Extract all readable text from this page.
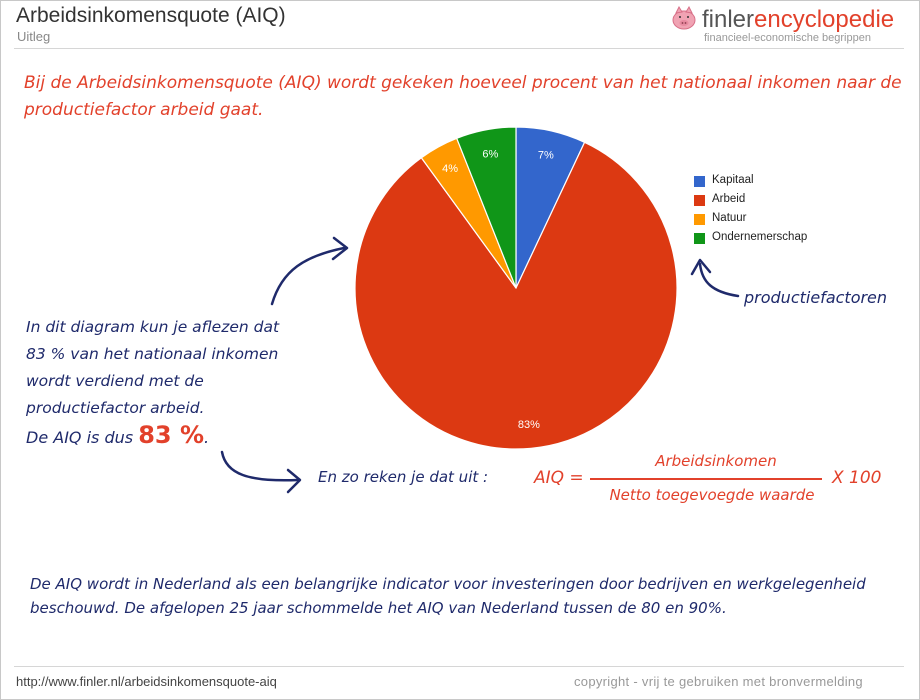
Arbeidsinkomensquote (AIQ)
Uitleg
finlerencyclopedie
financieel-economische begrippen
Bij de Arbeidsinkomensquote (AIQ) wordt gekeken hoeveel procent van het nationaal inkomen naar de productiefactor arbeid gaat.
7%
83%
4%
6%
Kapitaal
Arbeid
Natuur
Ondernemerschap
In dit diagram kun je aflezen dat
83 % van het nationaal inkomen
wordt verdiend met de
productiefactor arbeid.
De AIQ is dus 83 %.
En zo reken je dat uit :	AIQ =
Arbeidsinkomen
Netto toegevoegde waarde
X 100
productiefactoren
De AIQ wordt in Nederland als een belangrijke indicator voor investeringen door bedrijven en werkgelegenheid beschouwd. De afgelopen 25 jaar schommelde het AIQ van Nederland tussen de 80 en 90%.
http://www.finler.nl/arbeidsinkomensquote-aiq	copyright - vrij te gebruiken met bronvermelding
